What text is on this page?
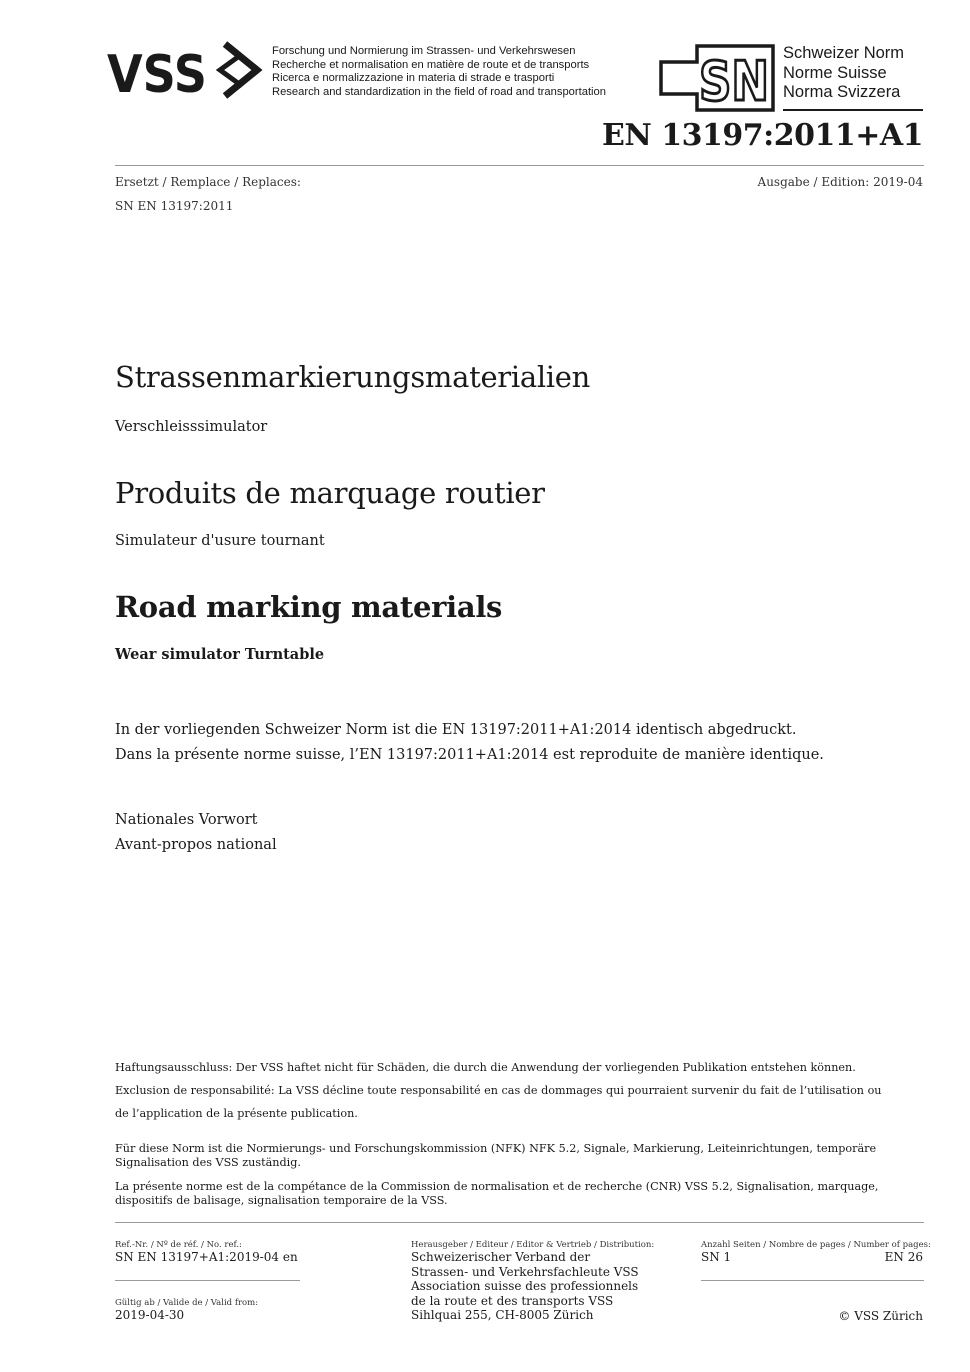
VSS	Forschung und Normierung im Strassen- und Verkehrswesen
Recherche et normalisation en matière de route et de transports
Ricerca e normalizzazione in materia di strade e trasporti
Research and standardization in the field of road and transportation SN Schweizer Norm
Norme Suisse
Norma Svizzera
EN 13197:2011+A1
Ersetzt / Remplace / Replaces:	Ausgabe / Edition: 2019-04
SN EN 13197:2011
Strassenmarkierungsmaterialien
Verschleisssimulator
Produits de marquage routier
Simulateur d'usure tournant
Road marking materials
Wear simulator Turntable
In der vorliegenden Schweizer Norm ist die EN 13197:2011+A1:2014 identisch abgedruckt.
Dans la présente norme suisse, l’EN 13197:2011+A1:2014 est reproduite de manière identique.
Nationales Vorwort
Avant-propos national
Haftungsausschluss: Der VSS haftet nicht für Schäden, die durch die Anwendung der vorliegenden Publikation entstehen können.
Exclusion de responsabilité: La VSS décline toute responsabilité en cas de dommages qui pourraient survenir du fait de l’utilisation ou
de l’application de la présente publication.
Für diese Norm ist die Normierungs- und Forschungskommission (NFK) NFK 5.2, Signale, Markierung, Leiteinrichtungen, temporäre Signalisation des VSS zuständig.
La présente norme est de la compétance de la Commission de normalisation et de recherche (CNR) VSS 5.2, Signalisation, marquage, dispositifs de balisage, signalisation temporaire de la VSS.
Ref.-Nr. / Nº de réf. / No. ref.:
SN EN 13197+A1:2019-04 en
Gültig ab / Valide de / Valid from:
2019-04-30
Herausgeber / Editeur / Editor & Vertrieb / Distribution:
Schweizerischer Verband der
Strassen- und Verkehrsfachleute VSS
Association suisse des professionnels
de la route et des transports VSS
Sihlquai 255, CH-8005 Zürich
Anzahl Seiten / Nombre de pages / Number of pages:
SN 1	EN 26
© VSS Zürich
